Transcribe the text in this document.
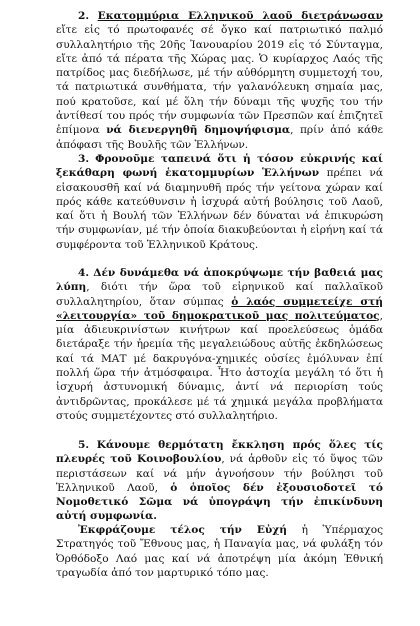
2. Εκατομμύρια Ελληνικοῦ λαοῦ διετράνωσαν εἴτε εἰς τό πρωτοφανές σέ ὄγκο καί πατριωτικό παλμό συλλαλητήριο τῆς 20ῆς Ἰανουαρίου 2019 εἰς τό Σύνταγμα, εἴτε ἀπό τά πέρατα τῆς Χώρας μας. Ὁ κυρίαρχος Λαός τῆς πατρίδος μας διεδήλωσε, μέ τήν αὐθόρμητη συμμετοχή του, τά πατριωτικά συνθήματα, τήν γαλανόλευκη σημαία μας, πού κρατοῦσε, καί μέ ὅλη τήν δύναμι τῆς ψυχῆς του τήν ἀντίθεσί του πρός τήν συμφωνία τῶν Πρεσπῶν καί ἐπιζητεῖ ἐπίμονα νά διενεργηθῆ δημοψήφισμα, πρίν ἀπό κάθε ἀπόφασι τῆς Βουλῆς τῶν Ἑλλήνων.
3. Φρονοῦμε ταπεινά ὅτι ἡ τόσον εὐκρινής καί ξεκάθαρη φωνή ἑκατομμυρίων Ἑλλήνων πρέπει νά εἰσακουσθῆ καί νά διαμηνυθῆ πρός τήν γείτονα χώραν καί πρός κάθε κατεύθυνσιν ἡ ἰσχυρά αὐτή βούλησις τοῦ Λαοῦ, καί ὅτι ἡ Βουλή τῶν Ἑλλήνων δέν δύναται νά ἐπικυρώση τήν συμφωνίαν, μέ τήν ὁποία διακυβεύονται ἡ εἰρήνη καί τά συμφέροντα τοῦ Ἑλληνικοῦ Κράτους.
4. Δέν δυνάμεθα νά ἀποκρύψωμε τήν βαθειά μας λύπη, διότι τήν ὥρα τοῦ εἰρηνικοῦ καί παλλαϊκοῦ συλλαλητηρίου, ὅταν σύμπας ὁ λαός συμμετείχε στή «λειτουργία» τοῦ δημοκρατικοῦ μας πολιτεύματος, μία ἀδιευκρινίστων κινήτρων καί προελεύσεως ὁμάδα διετάραξε τήν ἠρεμία τῆς μεγαλειώδους αὐτῆς ἐκδηλώσεως καί τά ΜΑΤ μέ δακρυγόνα-χημικές οὐσίες ἐμόλυναν ἐπί πολλή ὥρα τήν ἀτμόσφαιρα. Ἦτο ἀστοχία μεγάλη τό ὅτι ἡ ἰσχυρή ἀστυνομική δύναμις, ἀντί νά περιορίση τούς ἀντιδρῶντας, προκάλεσε μέ τά χημικά μεγάλα προβλήματα στούς συμμετέχοντες στό συλλαλητήριο.
5. Κάνουμε θερμότατη ἔκκληση πρός ὅλες τίς πλευρές τοῦ Κοινοβουλίου, νά ἀρθοῦν εἰς τό ὕψος τῶν περιστάσεων καί νά μήν ἀγνοήσουν τήν βούλησι τοῦ Ἑλληνικοῦ Λαοῦ, ὁ ὁποῖος δέν ἐξουσιοδοτεῖ τό Νομοθετικό Σῶμα νά ὑπογράψη τήν ἐπικίνδυνη αὐτή συμφωνία.
Ἐκφράζουμε τέλος τήν Εὐχή ἡ Ὑπέρμαχος Στρατηγός τοῦ Ἔθνους μας, ἡ Παναγία μας, νά φυλάξη τόν Ὀρθόδοξο Λαό μας καί νά ἀποτρέψη μία ἀκόμη Ἐθνική τραγωδία ἀπό τον μαρτυρικό τόπο μας.
